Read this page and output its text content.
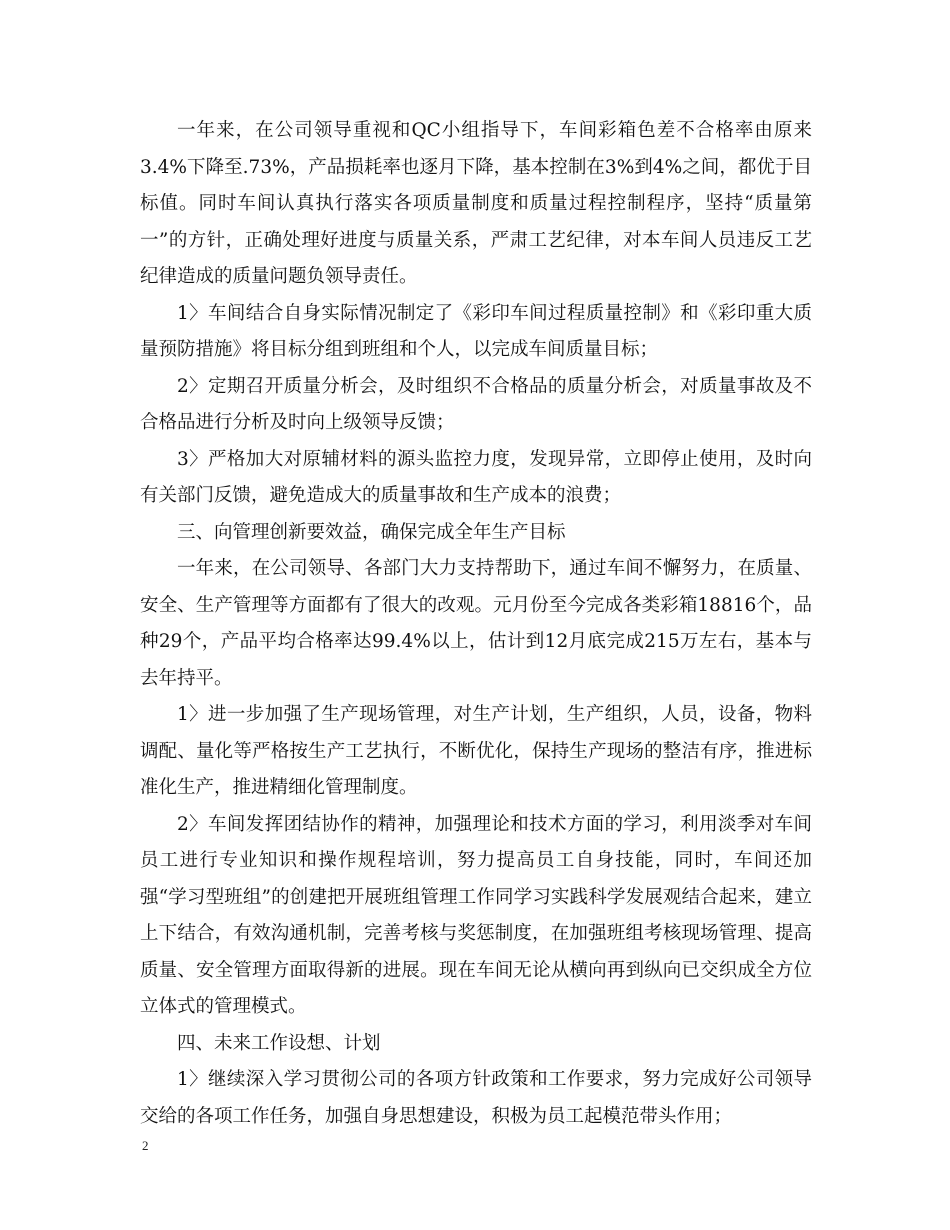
一年来，在公司领导重视和QC小组指导下，车间彩箱色差不合格率由原来3.4%下降至.73%，产品损耗率也逐月下降，基本控制在3%到4%之间，都优于目标值。同时车间认真执行落实各项质量制度和质量过程控制程序，坚持“质量第一”的方针，正确处理好进度与质量关系，严肃工艺纪律，对本车间人员违反工艺纪律造成的质量问题负领导责任。

1〉车间结合自身实际情况制定了《彩印车间过程质量控制》和《彩印重大质量预防措施》将目标分组到班组和个人，以完成车间质量目标；

2〉定期召开质量分析会，及时组织不合格品的质量分析会，对质量事故及不合格品进行分析及时向上级领导反馈；

3〉严格加大对原辅材料的源头监控力度，发现异常，立即停止使用，及时向有关部门反馈，避免造成大的质量事故和生产成本的浪费；

三、向管理创新要效益，确保完成全年生产目标

一年来，在公司领导、各部门大力支持帮助下，通过车间不懈努力，在质量、安全、生产管理等方面都有了很大的改观。元月份至今完成各类彩箱18816个，品种29个，产品平均合格率达99.4%以上，估计到12月底完成215万左右，基本与去年持平。

1〉进一步加强了生产现场管理，对生产计划，生产组织，人员，设备，物料调配、量化等严格按生产工艺执行，不断优化，保持生产现场的整洁有序，推进标准化生产，推进精细化管理制度。

2〉车间发挥团结协作的精神，加强理论和技术方面的学习，利用淡季对车间员工进行专业知识和操作规程培训，努力提高员工自身技能，同时，车间还加强“学习型班组”的创建把开展班组管理工作同学习实践科学发展观结合起来，建立上下结合，有效沟通机制，完善考核与奖惩制度，在加强班组考核现场管理、提高质量、安全管理方面取得新的进展。现在车间无论从横向再到纵向已交织成全方位立体式的管理模式。

四、未来工作设想、计划

1〉继续深入学习贯彻公司的各项方针政策和工作要求，努力完成好公司领导交给的各项工作任务，加强自身思想建设，积极为员工起模范带头作用；

2
